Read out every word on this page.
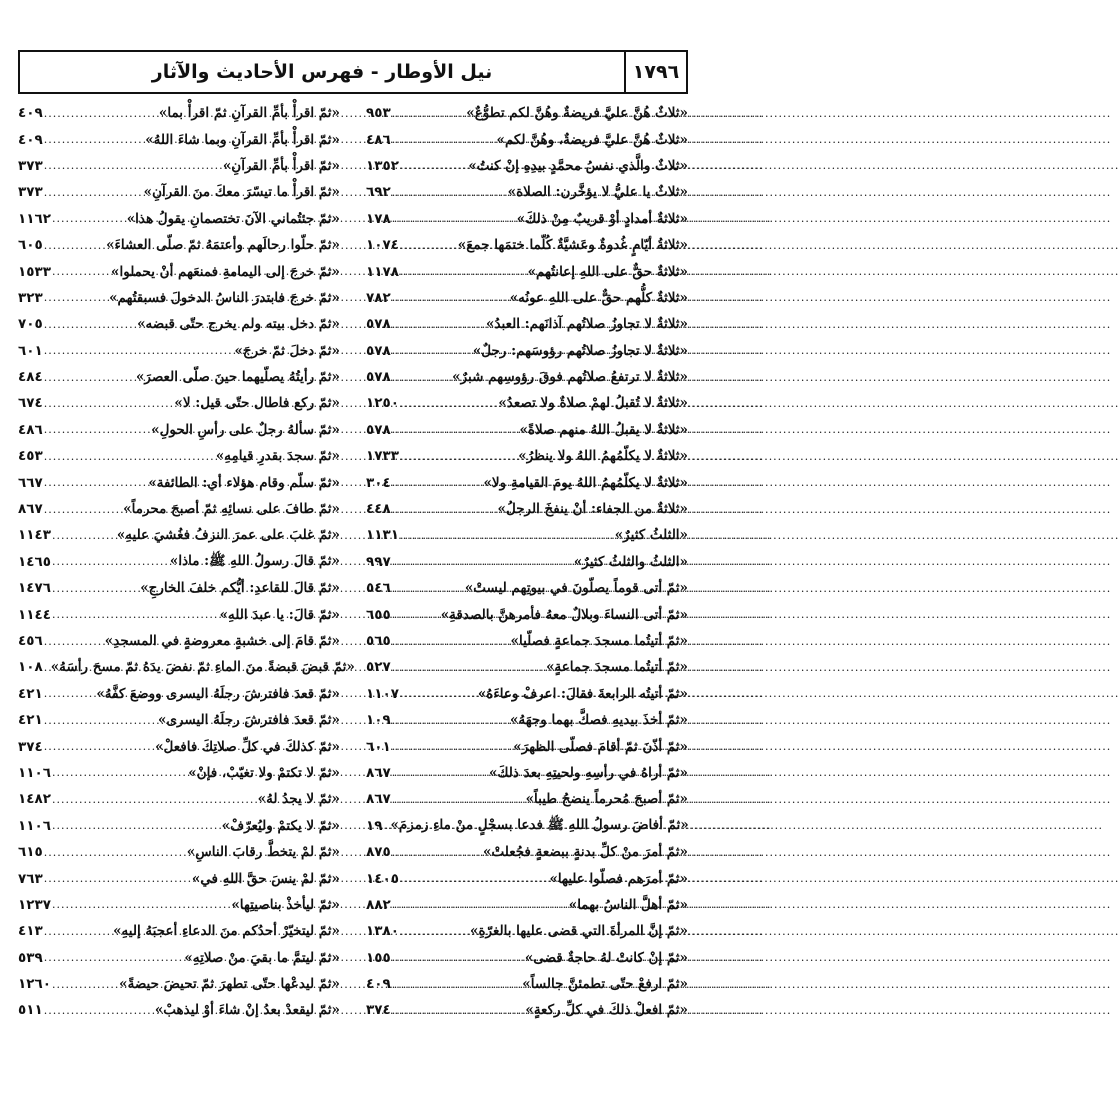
نيل الأوطار - فهرس الأحاديث والآثار	١٧٩٦
٤٠٩ .....	«ثمّ اقرأْ بأمِّ القرآنِ ثمّ اقرأْ بما»
٤٠٩ .....	«ثمّ اقرأْ بأمِّ القرآنِ وبما شاءَ اللهُ»
٣٧٣ .....	«ثمّ اقرأْ بأمِّ القرآنِ»
٣٧٣ .....	«ثمّ اقرأْ ما تيسّرَ معكَ منَ القرآنِ»
١١٦٢ .....	«ثمّ جئتُماني الآنَ تختصمانِ يقولُ هذا»
٦٠٥ .....	«ثمّ حلّوا رحالَهم وأعتمَهُ ثمّ صلّى العشاءَ»
١٥٣٣ .....	«ثمّ خرجَ إلى اليمامةِ فمنعَهم أنْ يحملوا»
٣٢٣ .....	«ثمّ خرجَ فابتدرَ الناسُ الدخولَ فسبقتُهم»
٧٠٥ .....	«ثمّ دخل بيته ولم يخرج حتّى قبضه»
٦٠١ .....	«ثمّ دخلَ ثمّ خرجَ»
٤٨٤ .....	«ثمّ رأيتُهُ يصلّيهما حينَ صلّى العصرَ»
٦٧٤ .....	«ثمّ ركع فاطال حتّى قيل: لا»
٤٨٦ .....	«ثمّ سألهُ رجلٌ على رأسِ الحولِ»
٤٥٣ .....	«ثمّ سجدَ بقدرِ قيامِهِ»
٦٦٧ .....	«ثمّ سلّم وقام هؤلاء أي: الطائفة»
٨٦٧ .....	«ثمّ طافَ على نسائِهِ ثمّ أصبحَ محرماً»
١١٤٣ .....	«ثمّ غلبَ على عمرَ النزفُ فغُشيَ عليهِ»
١٤٦٥ .....	«ثمّ قالَ رسولُ اللهِ ﷺ: ماذا»
١٤٧٦ .....	«ثمّ قالَ للقاعدِ: أيُّكم خلفَ الخارجِ»
١١٤٤ .....	«ثمّ قالَ: يا عبدَ اللهِ»
٤٥٦ .....	«ثمّ قامَ إلى خشبةٍ معروضةٍ في المسجدِ»
١٠٨ ..... «ثمّ قبضَ قبضةً منَ الماءِ ثمّ نفضَ يدَهُ ثمّ مسحَ رأسَهُ»
٤٢١ .....	«ثمّ قعدَ فافترشَ رجلَهُ اليسرى ووضعَ كفَّهُ»
٤٢١ .....	«ثمّ قعدَ فافترشَ رجلَهُ اليسرى»
٣٧٤ .....	«ثمّ كذلكَ في كلِّ صلاتِكَ فافعلْ»
١١٠٦ .....	«ثمّ لا تكتمْ ولا تغيّبْ، فإنْ»
١٤٨٢ .....	«ثمّ لا يجدُ لهُ»
١١٠٦ .....	«ثمّ لا يكتمْ وليُعرّفْ»
٦١٥ .....	«ثمّ لمْ يتخطَّ رقابَ الناسِ»
٧٦٣ .....	«ثمّ لمْ ينسَ حقَّ اللهِ في»
١٢٣٧ .....	«ثمّ ليأخذْ بناصيتِها»
٤١٣ .....	«ثمّ ليتخيّرْ أحدُكم منَ الدعاءِ أعجبَهُ إليهِ»
٥٣٩ .....	«ثمّ ليتمَّ ما بقيَ منْ صلاتِهِ»
١٢٦٠ .....	«ثمّ ليدعْها حتّى تطهرَ ثمّ تحيضَ حيضةً»
٥١١ .....	«ثمّ ليقعدْ بعدُ إنْ شاءَ أوْ ليذهبْ»
٩٥٣ .....	«ثلاثٌ هُنَّ عليَّ فريضةٌ وهُنَّ لكم تطوُّعٌ»
٤٨٦ .....	«ثلاثٌ هُنَّ عليَّ فريضةٌ، وهُنَّ لكم»
١٣٥٢ .....	«ثلاثٌ والَّذي نفسُ محمَّدٍ بيدِهِ إنْ كنتُ»
٦٩٢ .....	«ثلاثٌ يا عليُّ لا يؤخَّرن: الصلاة»
١٧٨ .....	«ثلاثةٌ أمدادٍ أوْ قريبٌ مِنْ ذلكَ»
١٠٧٤ .....	«ثلاثةُ أيّامٍ غُدوةٌ وعَشيَّةٌ كُلّما ختمَها جمعَ»
١١٧٨ .....	«ثلاثةٌ حقٌّ على اللهِ إعانتُهم»
٧٨٢ .....	«ثلاثةٌ كلُّهم حقٌّ على اللهِ عونُه»
٥٧٨ .....	«ثلاثةٌ لا تجاوزُ صلاتُهم آذانَهم: العبدُ»
٥٧٨ .....	«ثلاثةٌ لا تجاوزُ صلاتُهم رؤوسَهم: رجلٌ»
٥٧٨ .....	«ثلاثةٌ لا ترتفعُ صلاتُهم فوقَ رؤوسِهم شبرٌ»
١٢٥٠ .....	«ثلاثةٌ لا تُقبلُ لهمْ صلاةٌ ولا تصعدُ»
٥٧٨ .....	«ثلاثةٌ لا يقبلُ اللهُ منهم صلاةً»
١٧٣٣ .....	«ثلاثةٌ لا يكلّمُهمُ اللهُ ولا ينظرُ»
٣٠٤ .....	«ثلاثةٌ لا يكلّمُهمُ اللهُ يومَ القيامةِ ولا»
٤٤٨ .....	«ثلاثةٌ من الجفاء: أنْ ينفخَ الرجلُ»
١١٣١ .....	«الثلثُ كثيرٌ»
٩٩٧ .....	«الثلثُ والثلثُ كثيرٌ»
٥٤٦ .....	«ثمّ أتى قوماً يصلّونَ في بيوتِهم ليستْ»
٦٥٥ .....	«ثمّ أتى النساءَ وبلالٌ معهُ فأمرهنَّ بالصدقةِ»
٥٦٥ .....	«ثمّ أتيتُما مسجدَ جماعةٍ فصلّيا»
٥٢٧ .....	«ثمّ أتيتُما مسجدَ جماعةٍ»
١١٠٧ .....	«ثمّ أتيتُه الرابعةَ فقالَ: اعرفْ وعاءَهُ»
١٠٩ .....	«ثمّ أخذَ بيديهِ فصكَّ بهما وجهَهُ»
٦٠١ .....	«ثمّ أذّنَ ثمّ أقامَ فصلّى الظهرَ»
٨٦٧ .....	«ثمّ أراهُ في رأسِهِ ولحيتِهِ بعدَ ذلكَ»
٨٦٧ .....	«ثمّ أصبحَ مُحرماً ينضحُ طيباً»
١٩ ..... «ثمّ أفاضَ رسولُ اللهِ ﷺ فدعا بسجْلٍ منْ ماءِ زمزمَ»
٨٧٥ .....	«ثمّ أمرَ منْ كلِّ بدنةٍ ببضعةٍ فجُعلتْ»
١٤٠٥ .....	«ثمّ أمرَهم فصلّوا عليها»
٨٨٢ .....	«ثمّ أهلَّ الناسُ بهما»
١٣٨٠ .....	«ثمّ إنَّ المرأةَ التي قضى عليها بالغرّةِ»
١٥٥ .....	«ثمّ إنْ كانتْ لهُ حاجةٌ قضى»
٤٠٩ .....	«ثمّ ارفعْ حتّى تطمئنَّ جالساً»
٣٧٤ .....	«ثمّ افعلْ ذلكَ في كلِّ ركعةٍ»
